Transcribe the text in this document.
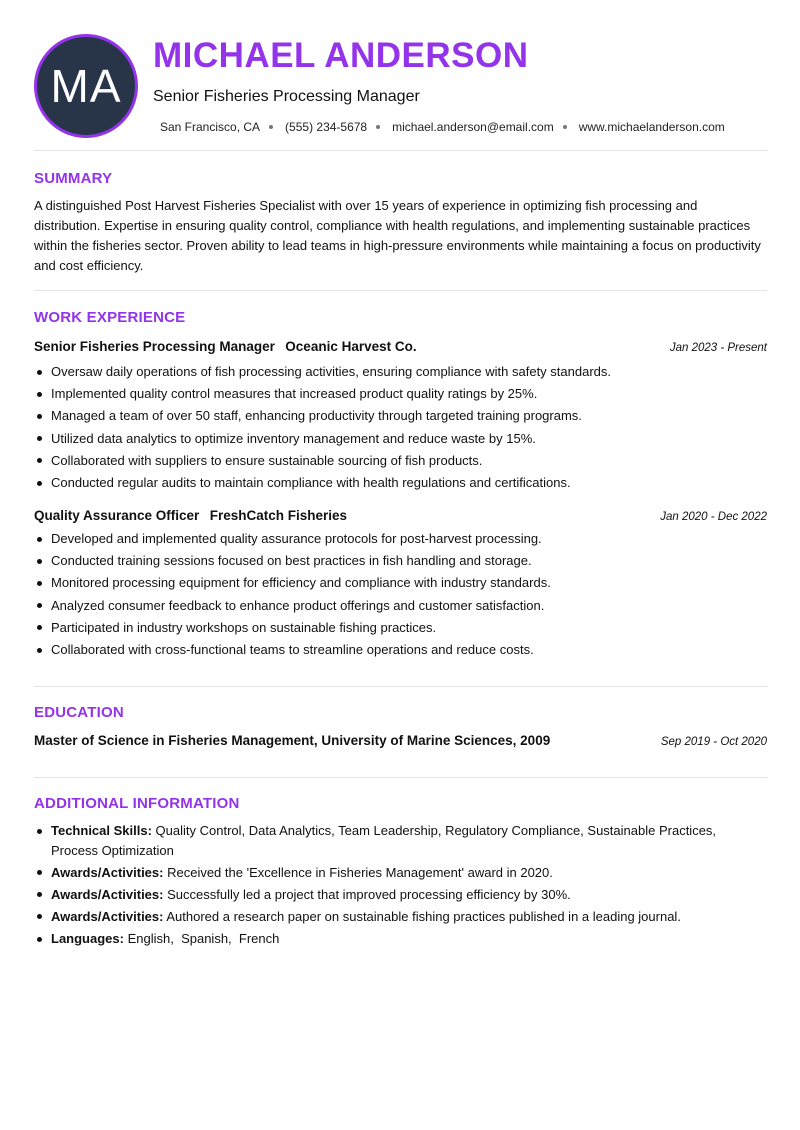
MA
MICHAEL ANDERSON
Senior Fisheries Processing Manager
San Francisco, CA (555) 234-5678 michael.anderson@email.com www.michaelanderson.com
SUMMARY

A distinguished Post Harvest Fisheries Specialist with over 15 years of experience in optimizing fish processing and distribution. Expertise in ensuring quality control, compliance with health regulations, and implementing sustainable practices within the fisheries sector. Proven ability to lead teams in high-pressure environments while maintaining a focus on productivity and cost efficiency.

WORK EXPERIENCE
Senior Fisheries Processing Manager Oceanic Harvest Co.	Jan 2023 - Present
Oversaw daily operations of fish processing activities, ensuring compliance with safety standards.
Implemented quality control measures that increased product quality ratings by 25%.
Managed a team of over 50 staff, enhancing productivity through targeted training programs.
Utilized data analytics to optimize inventory management and reduce waste by 15%.
Collaborated with suppliers to ensure sustainable sourcing of fish products.
Conducted regular audits to maintain compliance with health regulations and certifications.
Quality Assurance Officer FreshCatch Fisheries	Jan 2020 - Dec 2022
Developed and implemented quality assurance protocols for post-harvest processing.
Conducted training sessions focused on best practices in fish handling and storage.
Monitored processing equipment for efficiency and compliance with industry standards.
Analyzed consumer feedback to enhance product offerings and customer satisfaction.
Participated in industry workshops on sustainable fishing practices.
Collaborated with cross-functional teams to streamline operations and reduce costs.
EDUCATION
Master of Science in Fisheries Management, University of Marine Sciences, 2009	Sep 2019 - Oct 2020
ADDITIONAL INFORMATION
Technical Skills: Quality Control, Data Analytics, Team Leadership, Regulatory Compliance, Sustainable Practices, Process Optimization
Awards/Activities: Received the 'Excellence in Fisheries Management' award in 2020.
Awards/Activities: Successfully led a project that improved processing efficiency by 30%.
Awards/Activities: Authored a research paper on sustainable fishing practices published in a leading journal.
Languages: English,  Spanish,  French
